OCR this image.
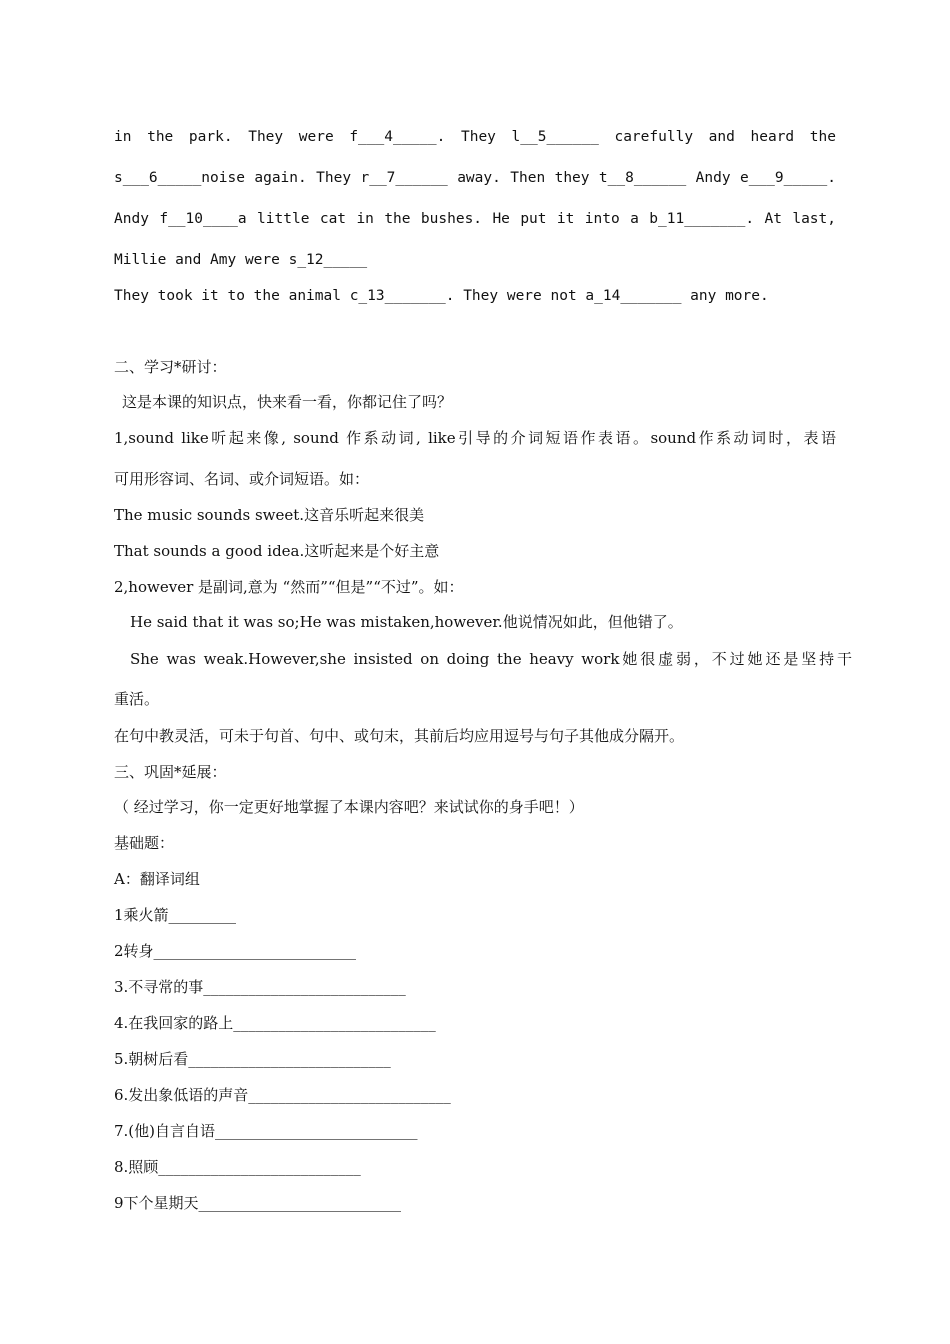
in the park. They were f___4_____. They l__5______ carefully and heard the
s___6_____noise again. They r__7______ away. Then they t__8______ Andy e___9_____.
Andy f__10____a little cat in the bushes. He put it into a b_11_______. At last,
Millie and Amy were s_12_____
They took it to the animal c_13_______. They were not a_14_______ any more.
二、学习*研讨：
这是本课的知识点，快来看一看，你都记住了吗？
1,sound like听起来像, sound 作系动词, like引导的介词短语作表语。sound作系动词时，表语
可用形容词、名词、或介词短语。如：
The music sounds sweet.这音乐听起来很美
That sounds a good idea.这听起来是个好主意
2,however 是副词,意为 “然而”“但是”“不过”。如：
He said that it was so;He was mistaken,however.他说情况如此，但他错了。
She was weak.However,she insisted on doing the heavy work她很虚弱，不过她还是坚持干
重活。
在句中教灵活，可未于句首、句中、或句末，其前后均应用逗号与句子其他成分隔开。
三、巩固*延展：
（ 经过学习，你一定更好地掌握了本课内容吧？来试试你的身手吧！）
基础题：
A：翻译词组
1乘火箭_________
2转身___________________________
3.不寻常的事___________________________
4.在我回家的路上___________________________
5.朝树后看___________________________
6.发出象低语的声音___________________________
7.(他)自言自语___________________________
8.照顾___________________________
9下个星期天___________________________
